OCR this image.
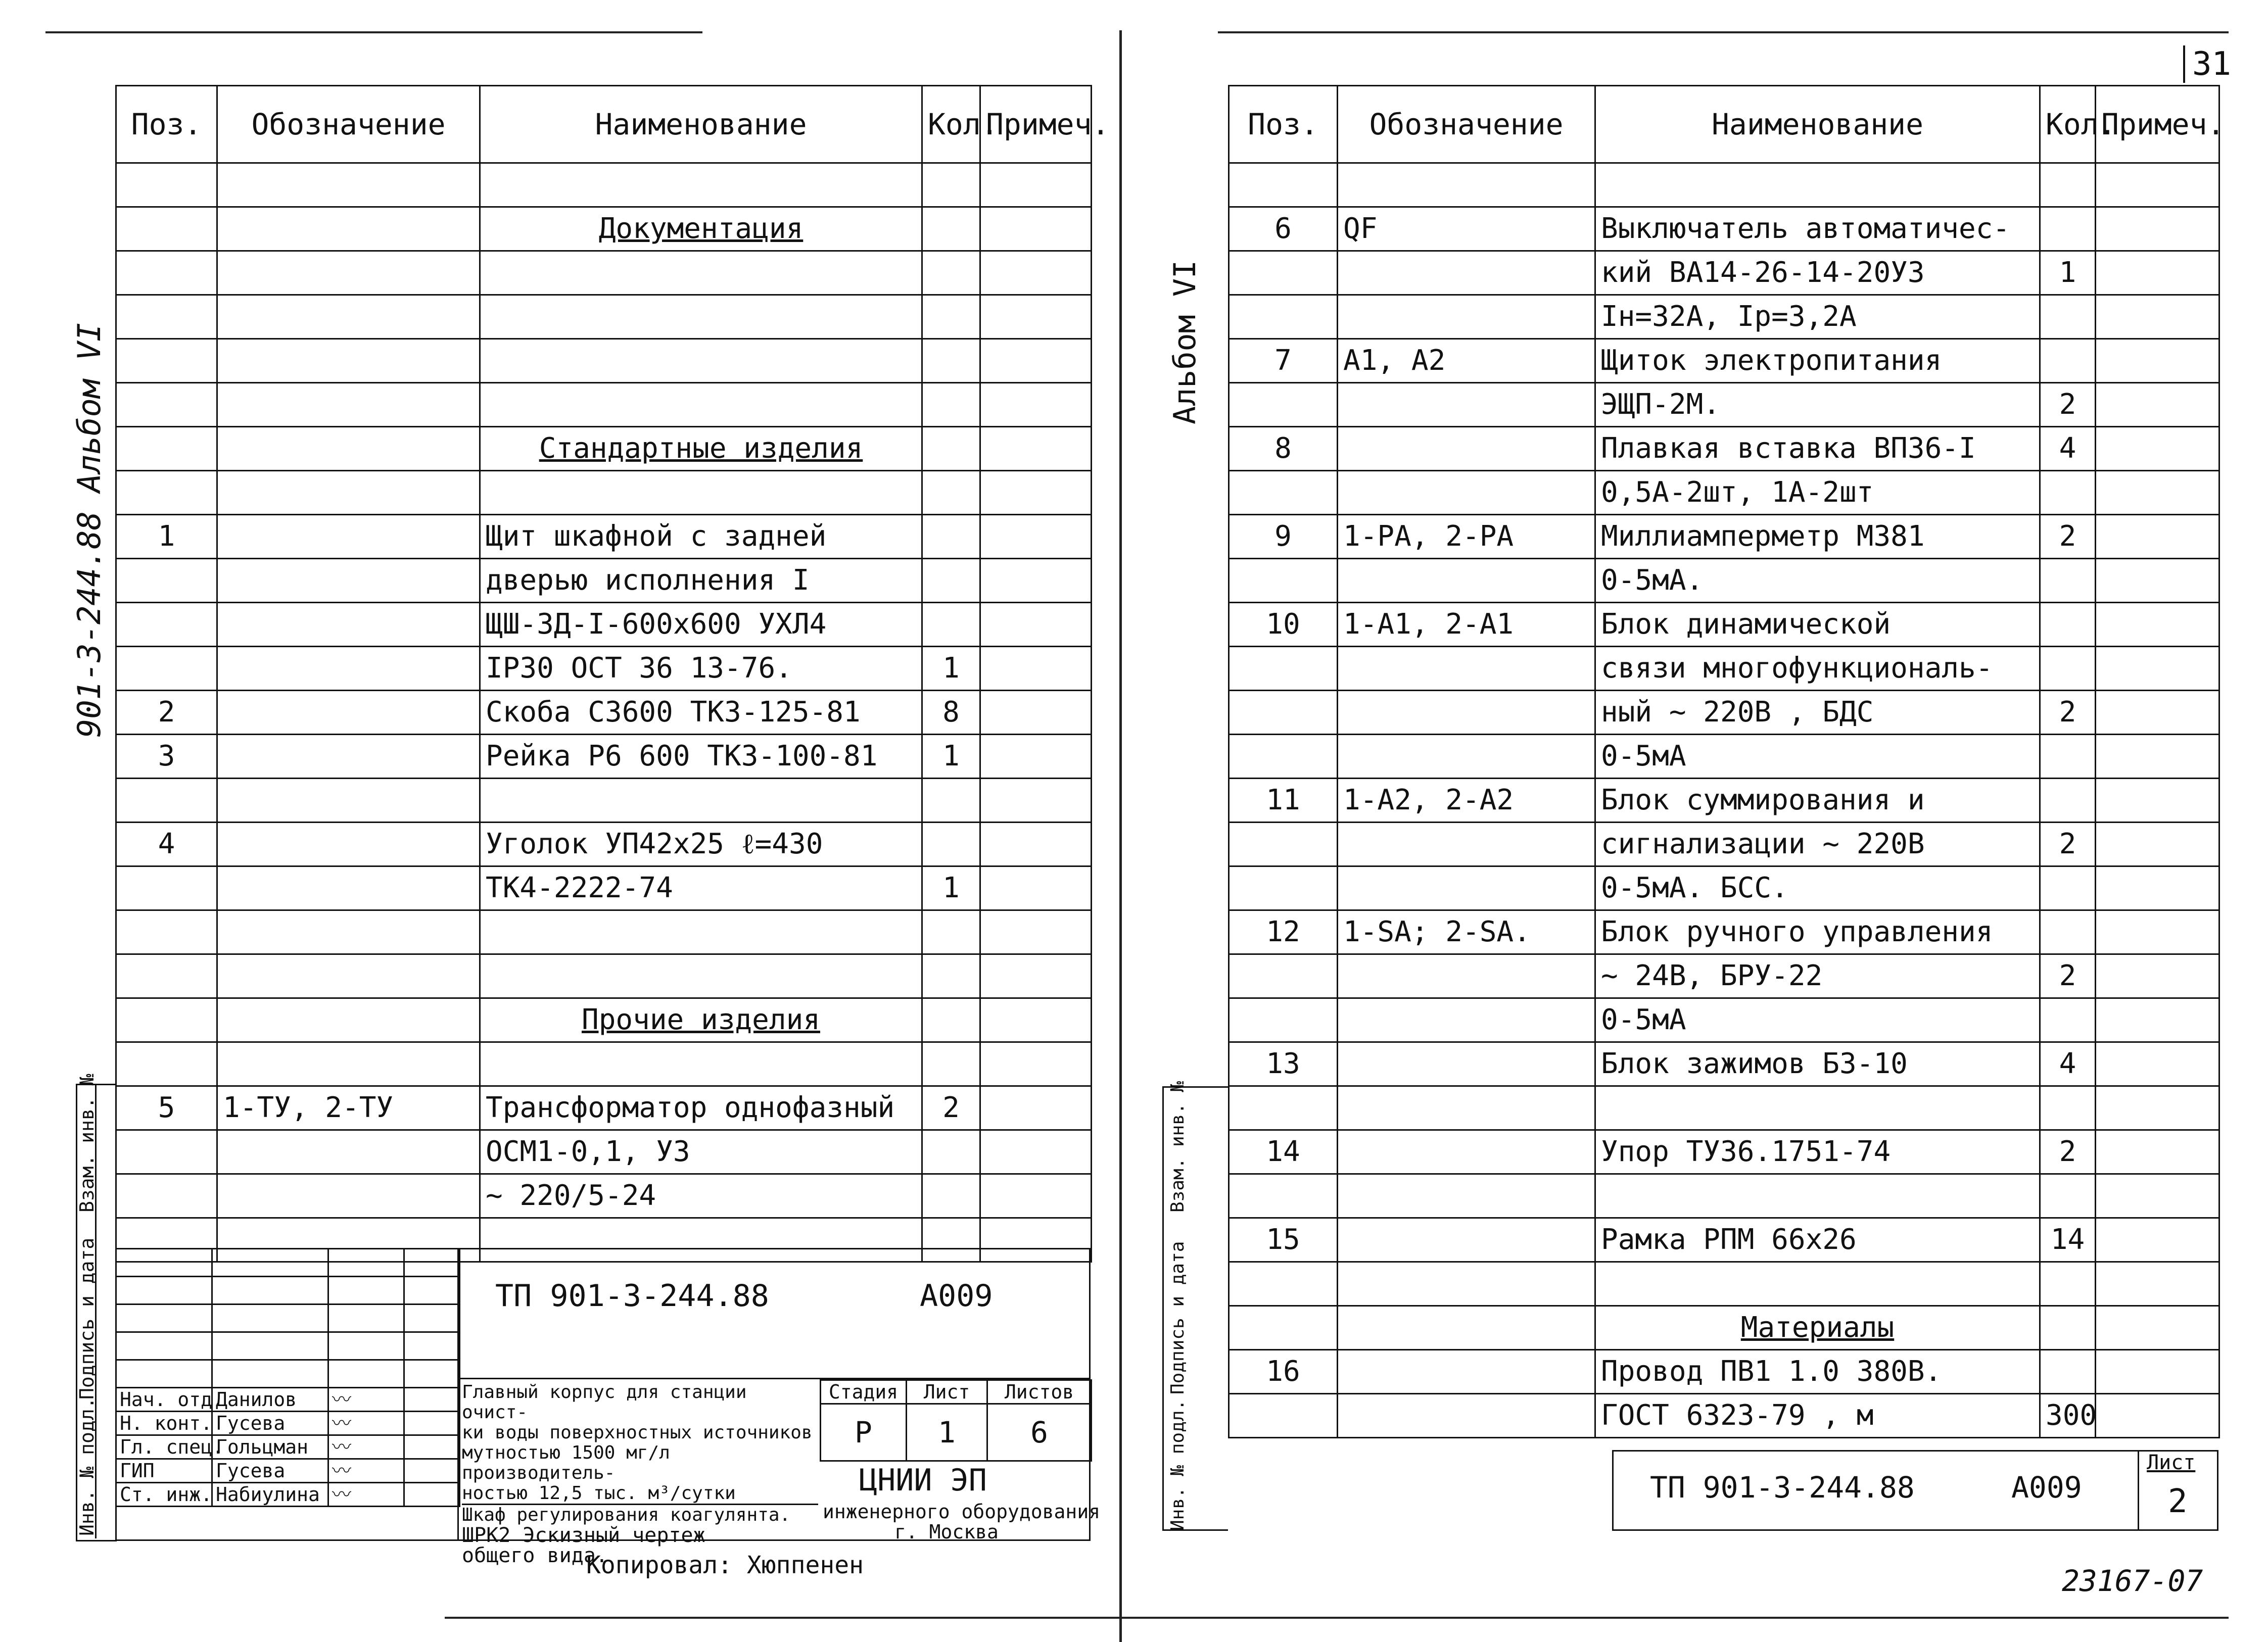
31
901-3-244.88 Альбом VI
Поз.	Обозначение	Наименование	Кол.	Примеч.

		Документация		

		Стандартные изделия		

1		Щит шкафной с задней		
		дверью исполнения I		
		ЩШ-3Д-I-600х600 УХЛ4		
		IP30 ОСТ 36 13-76.	1	
2		Скоба С3600 ТК3-125-81	8	
3		Рейка Р6 600 ТК3-100-81	1	

4		Уголок УП42х25 ℓ=430		
		ТК4-2222-74	1	

		Прочие изделия		

5	1-ТУ, 2-ТУ	Трансформатор однофазный	2	
		ОСМ1-0,1, У3		
		~ 220/5-24		

Инв. № подл.
Подпись и дата
Взам. инв. №

Нач. отд.	Данилов	〰	
Н. конт.	Гусева	〰	
Гл. спец.	Гольцман	〰	
ГИП	Гусева	〰	
Ст. инж.	Набиулина	〰	
ТП 901-3-244.88	А009
Главный корпус для станции очист-
ки воды поверхностных источников
мутностью 1500 мг/л производитель-
ностью 12,5 тыс. м³/сутки
Шкаф регулирования коагулянта.
ШРК2 Эскизный чертеж
общего вида.
Стадия	Лист	Листов
Р	1	6
ЦНИИ ЭП
инженерного оборудования
г. Москва
Копировал: Хюппенен
Альбом VI
Поз.	Обозначение	Наименование	Кол.	Примеч.

6	QF	Выключатель автоматичес-		
		кий ВА14-26-14-20У3	1	
		Iн=32А, Iр=3,2А		
7	А1, А2	Щиток электропитания		
		ЭЩП-2М.	2	
8		Плавкая вставка ВП36-I	4	
		0,5А-2шт, 1А-2шт		
9	1-РА, 2-РА	Миллиамперметр М381	2	
		0-5мА.		
10	1-А1, 2-А1	Блок динамической		
		связи многофункциональ-		
		ный ~ 220В , БДС	2	
		0-5мА		
11	1-А2, 2-А2	Блок суммирования и		
		сигнализации ~ 220В	2	
		0-5мА. БСС.		
12	1-SA; 2-SA.	Блок ручного управления		
		~ 24В, БРУ-22	2	
		0-5мА		
13		Блок зажимов Б3-10	4	

14		Упор ТУ36.1751-74	2	

15		Рамка РПМ 66х26	14	

		Материалы		
16		Провод ПВ1 1.0 380В.		
		ГОСТ 6323-79 , м	300	
Инв. № подл.
Подпись и дата
Взам. инв. №
ТП 901-3-244.88	А009
Лист
2
23167-07
